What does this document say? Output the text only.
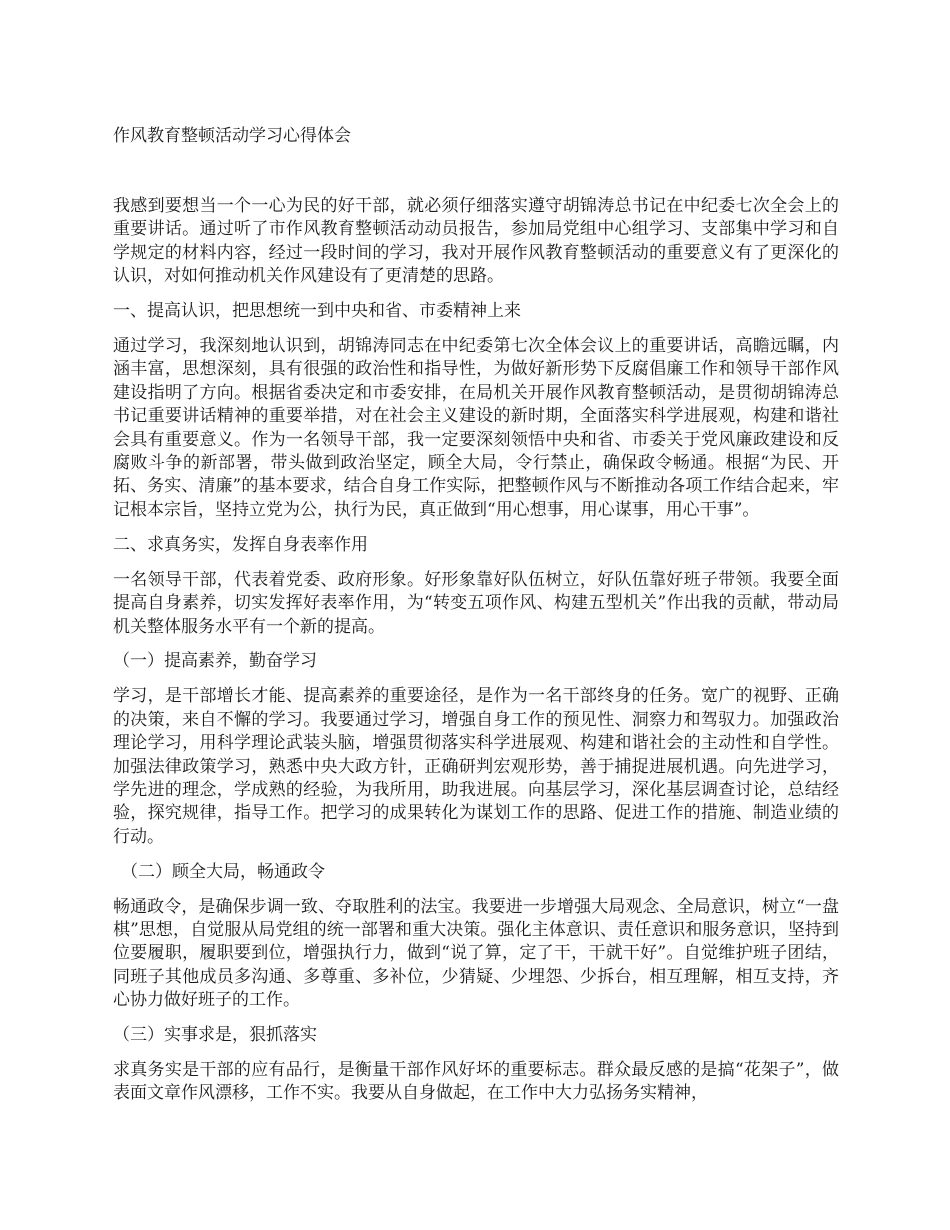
作风教育整顿活动学习心得体会

我感到要想当一个一心为民的好干部，就必须仔细落实遵守胡锦涛总书记在中纪委七次全会上的重要讲话。通过听了市作风教育整顿活动动员报告，参加局党组中心组学习、支部集中学习和自学规定的材料内容，经过一段时间的学习，我对开展作风教育整顿活动的重要意义有了更深化的认识，对如何推动机关作风建设有了更清楚的思路。

一、提高认识，把思想统一到中央和省、市委精神上来

通过学习，我深刻地认识到，胡锦涛同志在中纪委第七次全体会议上的重要讲话，高瞻远瞩，内涵丰富，思想深刻，具有很强的政治性和指导性，为做好新形势下反腐倡廉工作和领导干部作风建设指明了方向。根据省委决定和市委安排，在局机关开展作风教育整顿活动，是贯彻胡锦涛总书记重要讲话精神的重要举措，对在社会主义建设的新时期，全面落实科学进展观，构建和谐社会具有重要意义。作为一名领导干部，我一定要深刻领悟中央和省、市委关于党风廉政建设和反腐败斗争的新部署，带头做到政治坚定，顾全大局，令行禁止，确保政令畅通。根据“为民、开拓、务实、清廉”的基本要求，结合自身工作实际，把整顿作风与不断推动各项工作结合起来，牢记根本宗旨，坚持立党为公，执行为民，真正做到“用心想事，用心谋事，用心干事”。

二、求真务实，发挥自身表率作用

一名领导干部，代表着党委、政府形象。好形象靠好队伍树立，好队伍靠好班子带领。我要全面提高自身素养，切实发挥好表率作用，为“转变五项作风、构建五型机关”作出我的贡献，带动局机关整体服务水平有一个新的提高。

（一）提高素养，勤奋学习

学习，是干部增长才能、提高素养的重要途径，是作为一名干部终身的任务。宽广的视野、正确的决策，来自不懈的学习。我要通过学习，增强自身工作的预见性、洞察力和驾驭力。加强政治理论学习，用科学理论武装头脑，增强贯彻落实科学进展观、构建和谐社会的主动性和自学性。加强法律政策学习，熟悉中央大政方针，正确研判宏观形势，善于捕捉进展机遇。向先进学习，学先进的理念，学成熟的经验，为我所用，助我进展。向基层学习，深化基层调查讨论，总结经验，探究规律，指导工作。把学习的成果转化为谋划工作的思路、促进工作的措施、制造业绩的行动。

（二）顾全大局，畅通政令

畅通政令，是确保步调一致、夺取胜利的法宝。我要进一步增强大局观念、全局意识，树立“一盘棋”思想，自觉服从局党组的统一部署和重大决策。强化主体意识、责任意识和服务意识，坚持到位要履职，履职要到位，增强执行力，做到“说了算，定了干，干就干好”。自觉维护班子团结，同班子其他成员多沟通、多尊重、多补位，少猜疑、少埋怨、少拆台，相互理解，相互支持，齐心协力做好班子的工作。

（三）实事求是，狠抓落实

求真务实是干部的应有品行，是衡量干部作风好坏的重要标志。群众最反感的是搞“花架子”，做表面文章作风漂移，工作不实。我要从自身做起，在工作中大力弘扬务实精神，
